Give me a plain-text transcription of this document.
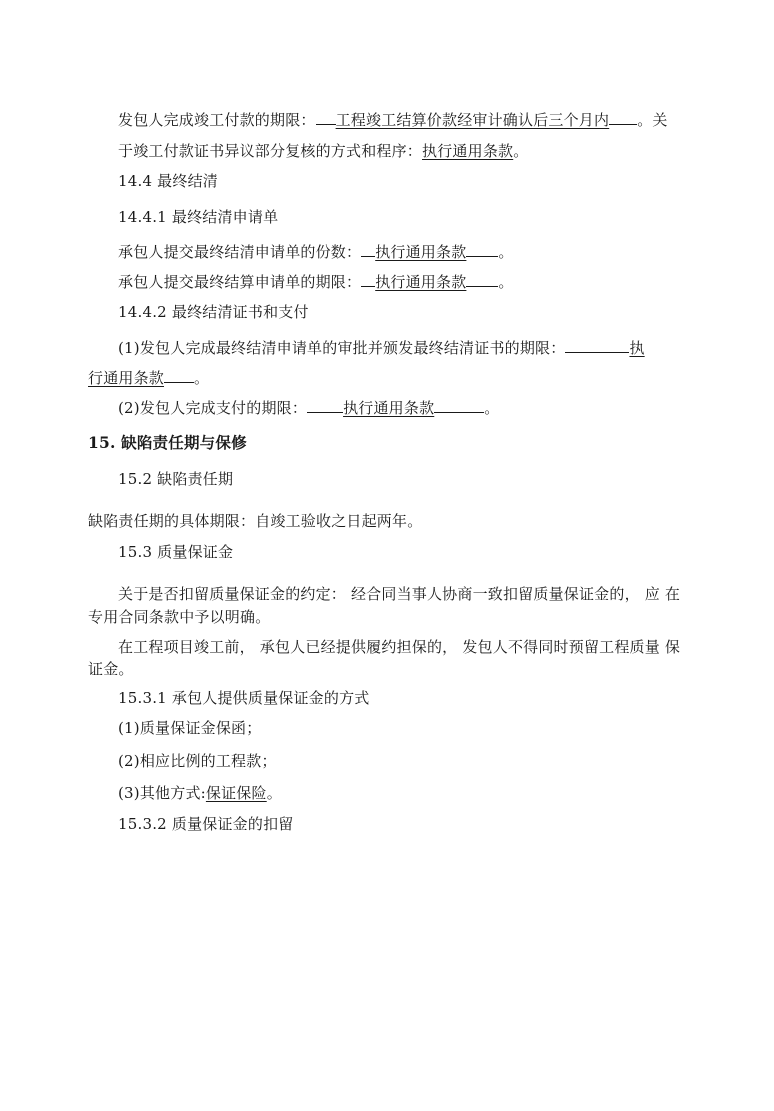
发包人完成竣工付款的期限： 工程竣工结算价款经审计确认后三个月内 。关
于竣工付款证书异议部分复核的方式和程序：执行通用条款。
14.4 最终结清
14.4.1 最终结清申请单
承包人提交最终结清申请单的份数： 执行通用条款 。
承包人提交最终结算申请单的期限： 执行通用条款 。
14.4.2 最终结清证书和支付
(1)发包人完成最终结清申请单的审批并颁发最终结清证书的期限：	执
行通用条款 。
(2)发包人完成支付的期限： 执行通用条款	。
15. 缺陷责任期与保修
15.2 缺陷责任期
缺陷责任期的具体期限：自竣工验收之日起两年。
15.3 质量保证金
关于是否扣留质量保证金的约定： 经合同当事人协商一致扣留质量保证金的， 应 在
专用合同条款中予以明确。
在工程项目竣工前， 承包人已经提供履约担保的， 发包人不得同时预留工程质量 保
证金。
15.3.1 承包人提供质量保证金的方式
(1)质量保证金保函；
(2)相应比例的工程款；
(3)其他方式:保证保险。
15.3.2 质量保证金的扣留
